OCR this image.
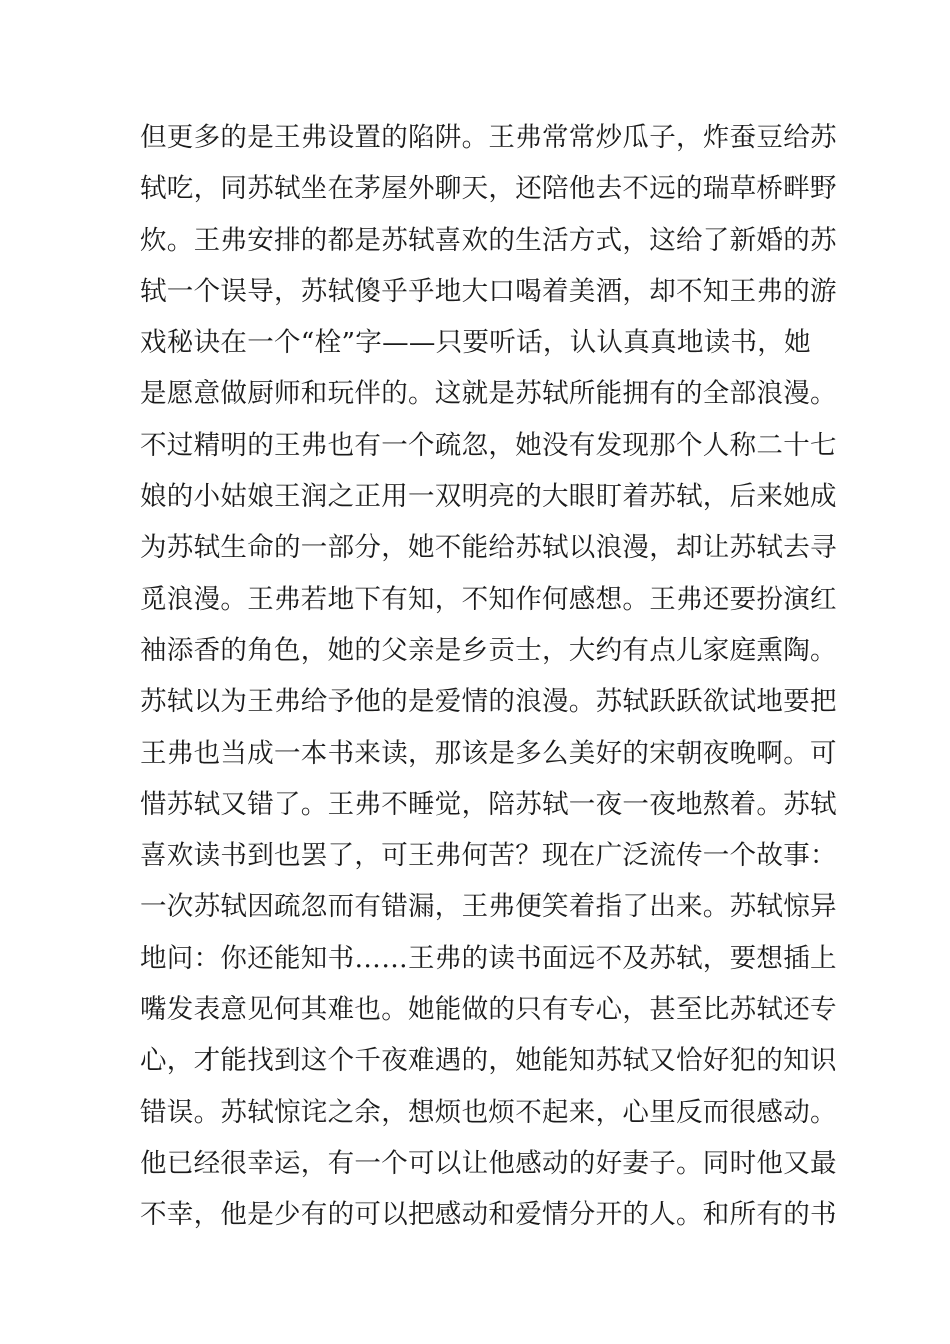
但更多的是王弗设置的陷阱。王弗常常炒瓜子，炸蚕豆给苏
轼吃，同苏轼坐在茅屋外聊天，还陪他去不远的瑞草桥畔野
炊。王弗安排的都是苏轼喜欢的生活方式，这给了新婚的苏
轼一个误导，苏轼傻乎乎地大口喝着美酒，却不知王弗的游
戏秘诀在一个“栓”字——只要听话，认认真真地读书，她
是愿意做厨师和玩伴的。这就是苏轼所能拥有的全部浪漫。
不过精明的王弗也有一个疏忽，她没有发现那个人称二十七
娘的小姑娘王润之正用一双明亮的大眼盯着苏轼，后来她成
为苏轼生命的一部分，她不能给苏轼以浪漫，却让苏轼去寻
觅浪漫。王弗若地下有知，不知作何感想。王弗还要扮演红
袖添香的角色，她的父亲是乡贡士，大约有点儿家庭熏陶。
苏轼以为王弗给予他的是爱情的浪漫。苏轼跃跃欲试地要把
王弗也当成一本书来读，那该是多么美好的宋朝夜晚啊。可
惜苏轼又错了。王弗不睡觉，陪苏轼一夜一夜地熬着。苏轼
喜欢读书到也罢了，可王弗何苦？现在广泛流传一个故事：
一次苏轼因疏忽而有错漏，王弗便笑着指了出来。苏轼惊异
地问：你还能知书……王弗的读书面远不及苏轼，要想插上
嘴发表意见何其难也。她能做的只有专心，甚至比苏轼还专
心，才能找到这个千夜难遇的，她能知苏轼又恰好犯的知识
错误。苏轼惊诧之余，想烦也烦不起来，心里反而很感动。
他已经很幸运，有一个可以让他感动的好妻子。同时他又最
不幸，他是少有的可以把感动和爱情分开的人。和所有的书
